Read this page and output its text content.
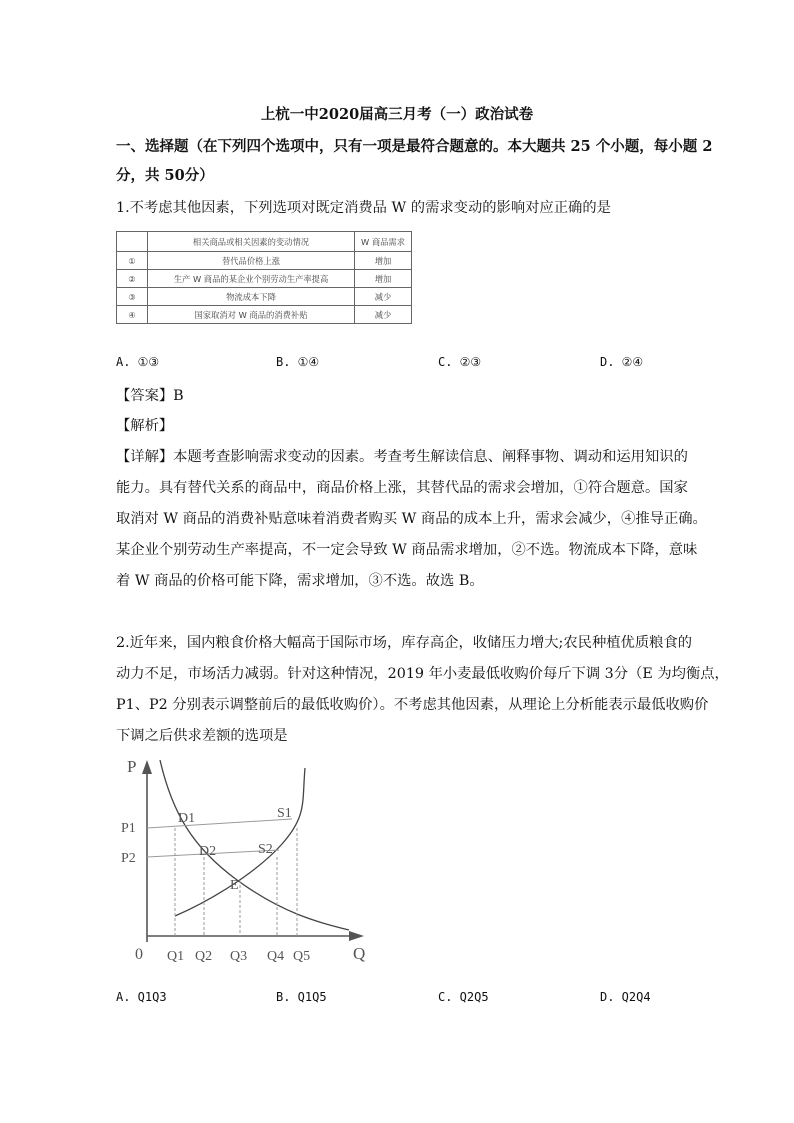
上杭一中2020届高三月考（一）政治试卷
一、选择题（在下列四个选项中，只有一项是最符合题意的。本大题共 25 个小题，每小题 2
分，共 50分）
1.不考虑其他因素，下列选项对既定消费品 W 的需求变动的影响对应正确的是
	相关商品或相关因素的变动情况	W 商品需求
①	替代品价格上涨	增加
②	生产 W 商品的某企业个别劳动生产率提高	增加
③	物流成本下降	减少
④	国家取消对 W 商品的消费补贴	减少
A. ①③	B. ①④	C. ②③	D. ②④
【答案】B
【解析】
【详解】本题考查影响需求变动的因素。考查考生解读信息、阐释事物、调动和运用知识的
能力。具有替代关系的商品中，商品价格上涨，其替代品的需求会增加，①符合题意。国家
取消对 W 商品的消费补贴意味着消费者购买 W 商品的成本上升，需求会减少，④推导正确。
某企业个别劳动生产率提高，不一定会导致 W 商品需求增加，②不选。物流成本下降，意味
着 W 商品的价格可能下降，需求增加，③不选。故选 B。
2.近年来，国内粮食价格大幅高于国际市场，库存高企，收储压力增大;农民种植优质粮食的
动力不足，市场活力减弱。针对这种情况，2019 年小麦最低收购价每斤下调 3分（E 为均衡点，
P1、P2 分别表示调整前后的最低收购价）。不考虑其他因素，从理论上分析能表示最低收购价
下调之后供求差额的选项是
P
Q
0
P1
P2
Q1 Q2 Q3 Q4 Q5
D1
D2
E
S1
S2
A. Q1Q3	B. Q1Q5	C. Q2Q5	D. Q2Q4
